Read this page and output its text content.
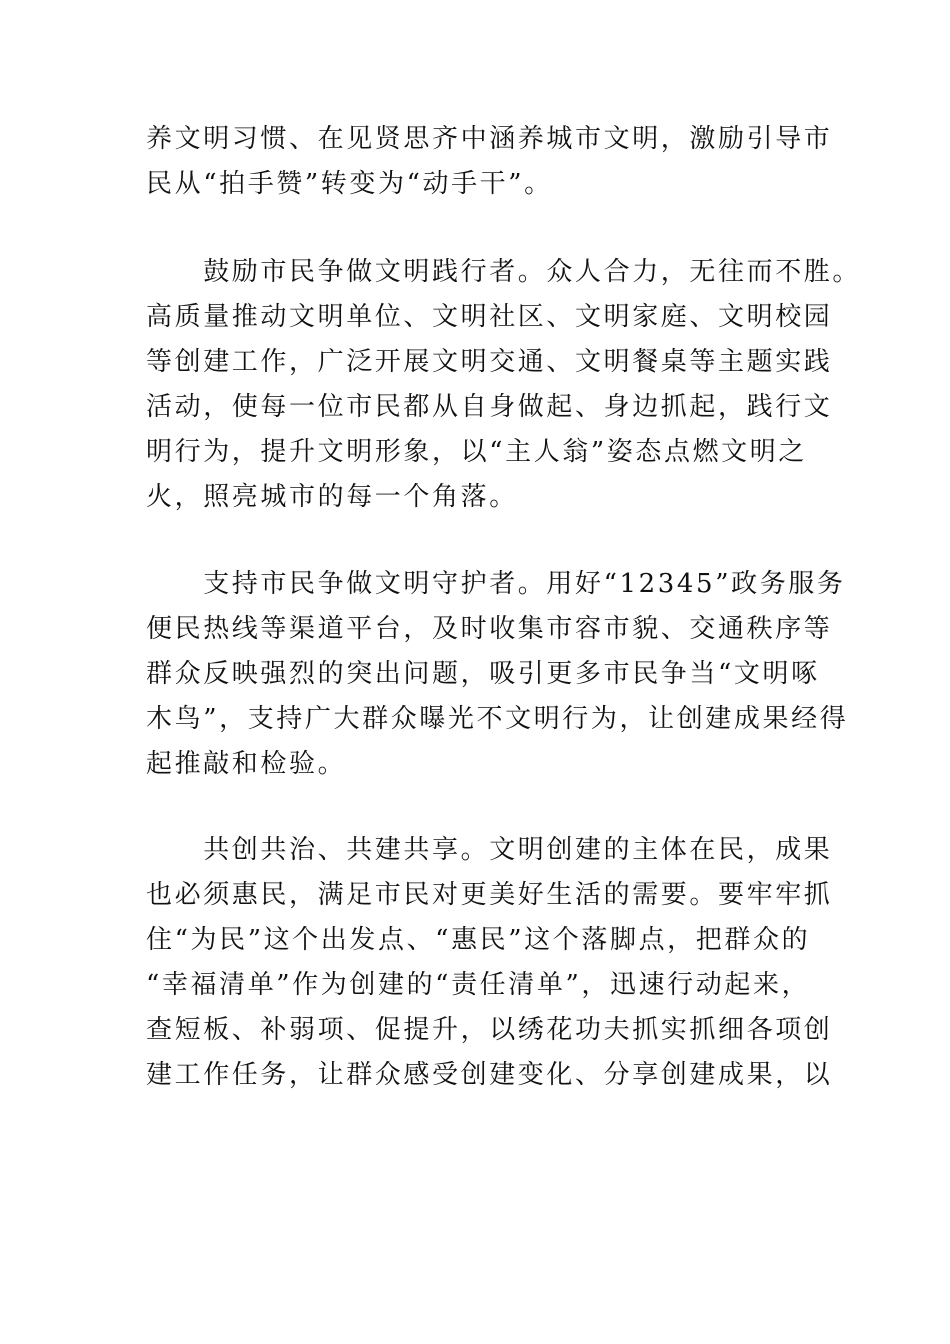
养文明习惯、在见贤思齐中涵养城市文明，激励引导市
民从“拍手赞”转变为“动手干”。
　　鼓励市民争做文明践行者。众人合力，无往而不胜。
高质量推动文明单位、文明社区、文明家庭、文明校园
等创建工作，广泛开展文明交通、文明餐桌等主题实践
活动，使每一位市民都从自身做起、身边抓起，践行文
明行为，提升文明形象，以“主人翁”姿态点燃文明之
火，照亮城市的每一个角落。
　　支持市民争做文明守护者。用好“12345”政务服务
便民热线等渠道平台，及时收集市容市貌、交通秩序等
群众反映强烈的突出问题，吸引更多市民争当“文明啄
木鸟”，支持广大群众曝光不文明行为，让创建成果经得
起推敲和检验。
　　共创共治、共建共享。文明创建的主体在民，成果
也必须惠民，满足市民对更美好生活的需要。要牢牢抓
住“为民”这个出发点、“惠民”这个落脚点，把群众的
“幸福清单”作为创建的“责任清单”，迅速行动起来，
查短板、补弱项、促提升，以绣花功夫抓实抓细各项创
建工作任务，让群众感受创建变化、分享创建成果，以
